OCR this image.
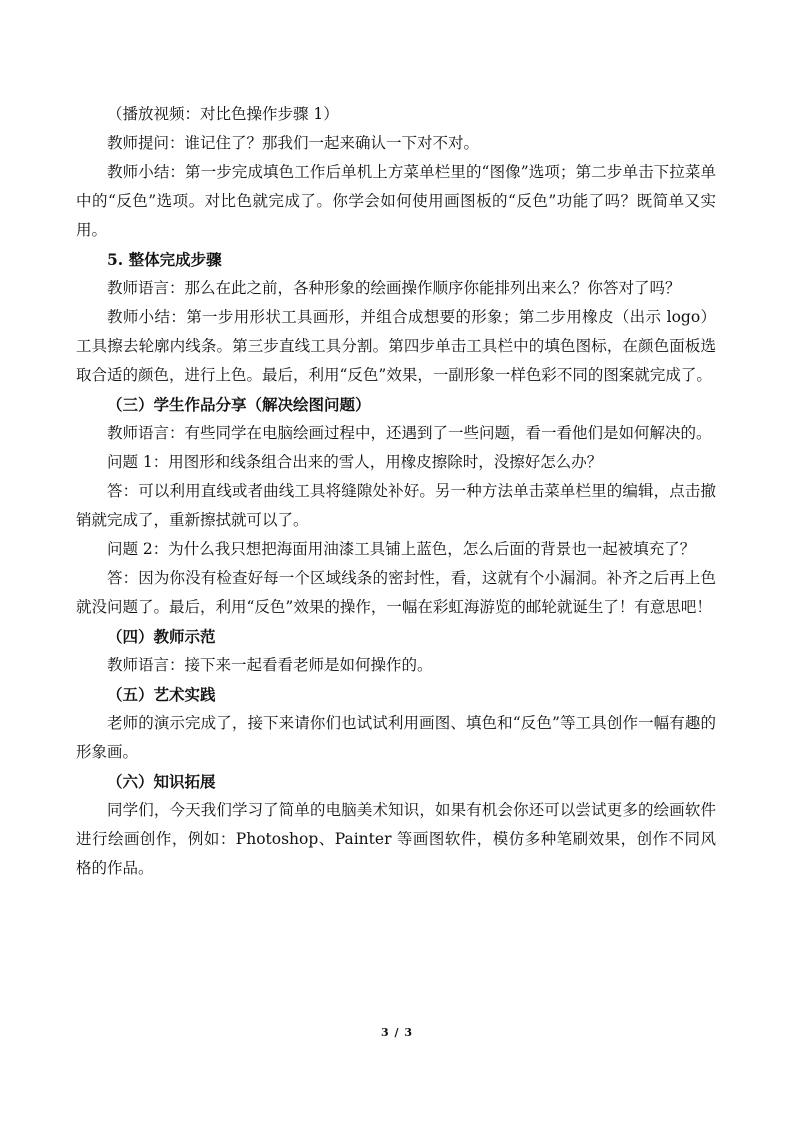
（播放视频：对比色操作步骤 1）

教师提问：谁记住了？那我们一起来确认一下对不对。

教师小结：第一步完成填色工作后单机上方菜单栏里的“图像”选项；第二步单击下拉菜单中的“反色”选项。对比色就完成了。你学会如何使用画图板的“反色”功能了吗？既简单又实用。

5. 整体完成步骤

教师语言：那么在此之前，各种形象的绘画操作顺序你能排列出来么？你答对了吗？

教师小结：第一步用形状工具画形，并组合成想要的形象；第二步用橡皮（出示 logo）工具擦去轮廓内线条。第三步直线工具分割。第四步单击工具栏中的填色图标，在颜色面板选取合适的颜色，进行上色。最后，利用“反色”效果，一副形象一样色彩不同的图案就完成了。

（三）学生作品分享（解决绘图问题）

教师语言：有些同学在电脑绘画过程中，还遇到了一些问题，看一看他们是如何解决的。

问题 1：用图形和线条组合出来的雪人，用橡皮擦除时，没擦好怎么办？

答：可以利用直线或者曲线工具将缝隙处补好。另一种方法单击菜单栏里的编辑，点击撤销就完成了，重新擦拭就可以了。

问题 2：为什么我只想把海面用油漆工具铺上蓝色，怎么后面的背景也一起被填充了？

答：因为你没有检查好每一个区域线条的密封性，看，这就有个小漏洞。补齐之后再上色就没问题了。最后，利用“反色”效果的操作，一幅在彩虹海游览的邮轮就诞生了！有意思吧！

（四）教师示范

教师语言：接下来一起看看老师是如何操作的。

（五）艺术实践

老师的演示完成了，接下来请你们也试试利用画图、填色和“反色”等工具创作一幅有趣的形象画。

（六）知识拓展

同学们，今天我们学习了简单的电脑美术知识，如果有机会你还可以尝试更多的绘画软件进行绘画创作，例如：Photoshop、Painter 等画图软件，模仿多种笔刷效果，创作不同风格的作品。

3 / 3
